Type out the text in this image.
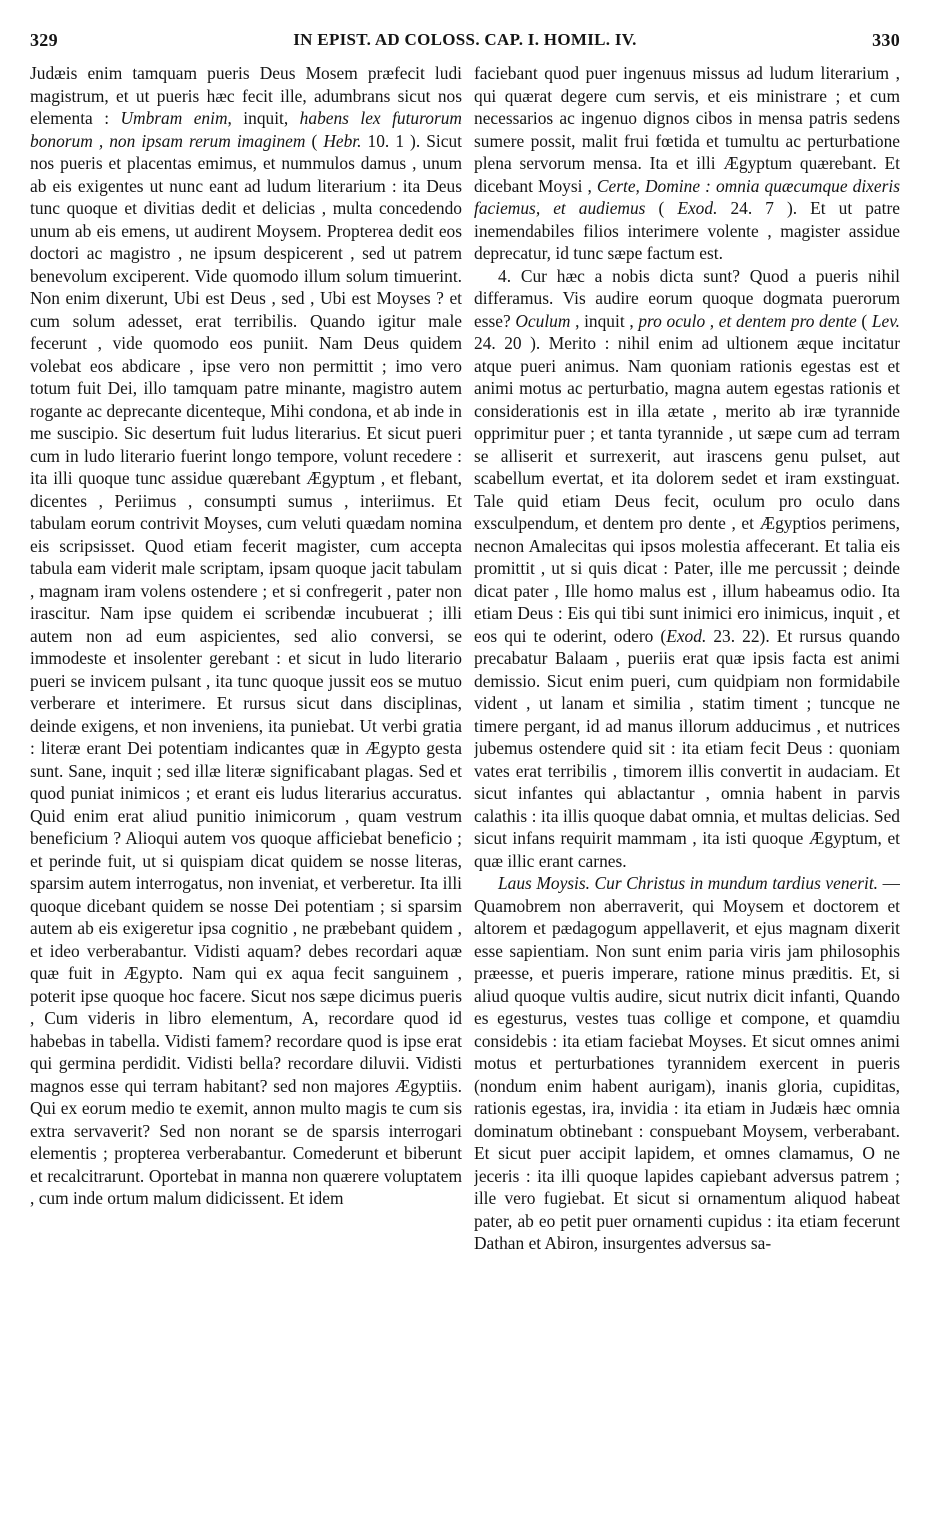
329	IN EPIST. AD COLOSS. CAP. I. HOMIL. IV.	330

Judæis enim tamquam pueris Deus Mosem præfecit ludi magistrum, et ut pueris hæc fecit ille, adumbrans sicut nos elementa : Umbram enim, inquit, habens lex futurorum bonorum , non ipsam rerum imaginem ( Hebr. 10. 1 ). Sicut nos pueris et placentas emimus, et nummulos damus , unum ab eis exigentes ut nunc eant ad ludum literarium : ita Deus tunc quoque et divitias dedit et delicias , multa concedendo unum ab eis emens, ut audirent Moysem. Propterea dedit eos doctori ac magistro , ne ipsum despicerent , sed ut patrem benevolum exciperent. Vide quomodo illum solum timuerint. Non enim dixerunt, Ubi est Deus , sed , Ubi est Moyses ? et cum solum adesset, erat terribilis. Quando igitur male fecerunt , vide quomodo eos puniit. Nam Deus quidem volebat eos abdicare , ipse vero non permittit ; imo vero totum fuit Dei, illo tamquam patre minante, magistro autem rogante ac deprecante dicenteque, Mihi condona, et ab inde in me suscipio. Sic desertum fuit ludus literarius. Et sicut pueri cum in ludo literario fuerint longo tempore, volunt recedere : ita illi quoque tunc assidue quærebant Ægyptum , et flebant, dicentes , Periimus , consumpti sumus , interiimus. Et tabulam eorum contrivit Moyses, cum veluti quædam nomina eis scripsisset. Quod etiam fecerit magister, cum accepta tabula eam viderit male scriptam, ipsam quoque jacit tabulam , magnam iram volens ostendere ; et si confregerit , pater non irascitur. Nam ipse quidem ei scribendæ incubuerat ; illi autem non ad eum aspicientes, sed alio conversi, se immodeste et insolenter gerebant : et sicut in ludo literario pueri se invicem pulsant , ita tunc quoque jussit eos se mutuo verberare et interimere. Et rursus sicut dans disciplinas, deinde exigens, et non inveniens, ita puniebat. Ut verbi gratia : literæ erant Dei potentiam indicantes quæ in Ægypto gesta sunt. Sane, inquit ; sed illæ literæ significabant plagas. Sed et quod puniat inimicos ; et erant eis ludus literarius accuratus. Quid enim erat aliud punitio inimicorum , quam vestrum beneficium ? Alioqui autem vos quoque afficiebat beneficio ; et perinde fuit, ut si quispiam dicat quidem se nosse literas, sparsim autem interrogatus, non inveniat, et verberetur. Ita illi quoque dicebant quidem se nosse Dei potentiam ; si sparsim autem ab eis exigeretur ipsa cognitio , ne præbebant quidem , et ideo verberabantur. Vidisti aquam? debes recordari aquæ quæ fuit in Ægypto. Nam qui ex aqua fecit sanguinem , poterit ipse quoque hoc facere. Sicut nos sæpe dicimus pueris , Cum videris in libro elementum, A, recordare quod id habebas in tabella. Vidisti famem? recordare quod is ipse erat qui germina perdidit. Vidisti bella? recordare diluvii. Vidisti magnos esse qui terram habitant? sed non majores Ægyptiis. Qui ex eorum medio te exemit, annon multo magis te cum sis extra servaverit? Sed non norant se de sparsis interrogari elementis ; propterea verberabantur. Comederunt et biberunt et recalcitrarunt. Oportebat in manna non quærere voluptatem , cum inde ortum malum didicissent. Et idem

faciebant quod puer ingenuus missus ad ludum literarium , qui quærat degere cum servis, et eis ministrare ; et cum necessarios ac ingenuo dignos cibos in mensa patris sedens sumere possit, malit frui fœtida et tumultu ac perturbatione plena servorum mensa. Ita et illi Ægyptum quærebant. Et dicebant Moysi , Certe, Domine : omnia quæcumque dixeris faciemus, et audiemus ( Exod. 24. 7 ). Et ut patre inemendabiles filios interimere volente , magister assidue deprecatur, id tunc sæpe factum est.

4. Cur hæc a nobis dicta sunt? Quod a pueris nihil differamus. Vis audire eorum quoque dogmata puerorum esse? Oculum , inquit , pro oculo , et dentem pro dente ( Lev. 24. 20 ). Merito : nihil enim ad ultionem æque incitatur atque pueri animus. Nam quoniam rationis egestas est et animi motus ac perturbatio, magna autem egestas rationis et considerationis est in illa ætate , merito ab iræ tyrannide opprimitur puer ; et tanta tyrannide , ut sæpe cum ad terram se alliserit et surrexerit, aut irascens genu pulset, aut scabellum evertat, et ita dolorem sedet et iram exstinguat. Tale quid etiam Deus fecit, oculum pro oculo dans exsculpendum, et dentem pro dente , et Ægyptios perimens, necnon Amalecitas qui ipsos molestia affecerant. Et talia eis promittit , ut si quis dicat : Pater, ille me percussit ; deinde dicat pater , Ille homo malus est , illum habeamus odio. Ita etiam Deus : Eis qui tibi sunt inimici ero inimicus, inquit , et eos qui te oderint, odero (Exod. 23. 22). Et rursus quando precabatur Balaam , pueriis erat quæ ipsis facta est animi demissio. Sicut enim pueri, cum quidpiam non formidabile vident , ut lanam et similia , statim timent ; tuncque ne timere pergant, id ad manus illorum adducimus , et nutrices jubemus ostendere quid sit : ita etiam fecit Deus : quoniam vates erat terribilis , timorem illis convertit in audaciam. Et sicut infantes qui ablactantur , omnia habent in parvis calathis : ita illis quoque dabat omnia, et multas delicias. Sed sicut infans requirit mammam , ita isti quoque Ægyptum, et quæ illic erant carnes.

Laus Moysis. Cur Christus in mundum tardius venerit. — Quamobrem non aberraverit, qui Moysem et doctorem et altorem et pædagogum appellaverit, et ejus magnam dixerit esse sapientiam. Non sunt enim paria viris jam philosophis præesse, et pueris imperare, ratione minus præditis. Et, si aliud quoque vultis audire, sicut nutrix dicit infanti, Quando es egesturus, vestes tuas collige et compone, et quamdiu considebis : ita etiam faciebat Moyses. Et sicut omnes animi motus et perturbationes tyrannidem exercent in pueris (nondum enim habent aurigam), inanis gloria, cupiditas, rationis egestas, ira, invidia : ita etiam in Judæis hæc omnia dominatum obtinebant : conspuebant Moysem, verberabant. Et sicut puer accipit lapidem, et omnes clamamus, O ne jeceris : ita illi quoque lapides capiebant adversus patrem ; ille vero fugiebat. Et sicut si ornamentum aliquod habeat pater, ab eo petit puer ornamenti cupidus : ita etiam fecerunt Dathan et Abiron, insurgentes adversus sa-
